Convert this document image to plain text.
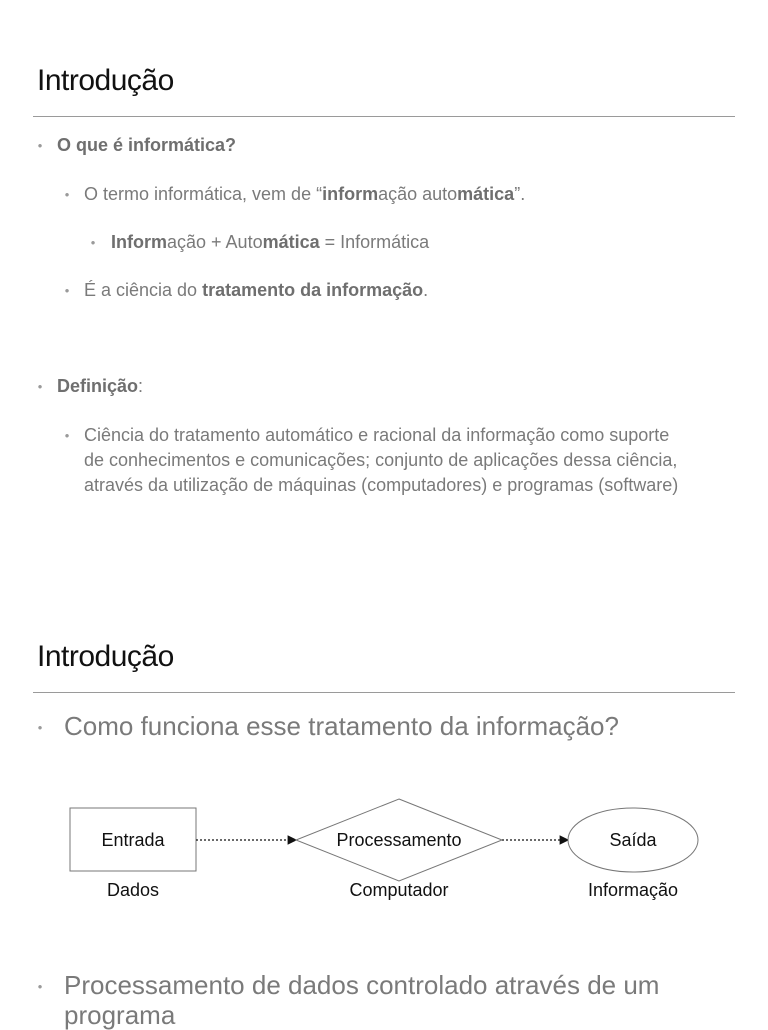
Introdução
• O que é informática?
• O termo informática, vem de “informação automática”.
• Informação + Automática = Informática
• É a ciência do tratamento da informação.
• Definição:
• Ciência do tratamento automático e racional da informação como suporte
de conhecimentos e comunicações; conjunto de aplicações dessa ciência,
através da utilização de máquinas (computadores) e programas (software)
Introdução
• Como funciona esse tratamento da informação?
Entrada	Processamento	Saída
Dados	Computador	Informação
• Processamento de dados controlado através de um
programa
